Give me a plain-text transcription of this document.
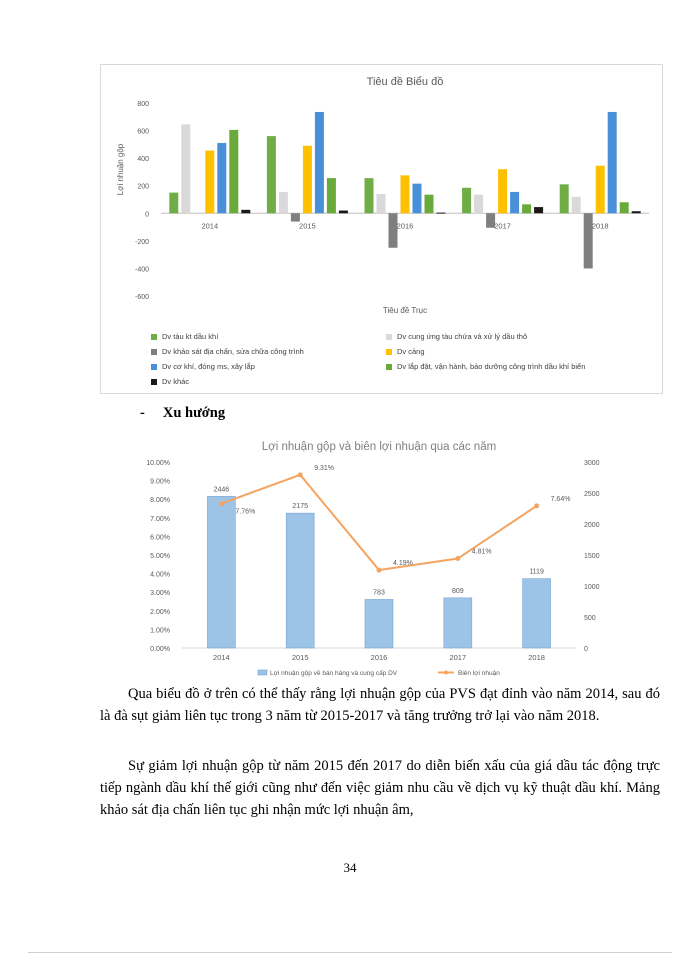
Tiêu đề Biểu đồ
800
600
400
200
0
-200
-400
-600
2014	2015	2016	2017	2018
Tiêu đề Trục
Lợi nhuận gộp
Dv tàu kt dầu khí	Dv cung ứng tàu chứa và xử lý dầu thô
Dv khảo sát địa chấn, sửa chữa công trình	Dv cảng
Dv cơ khí, đóng ms, xây lắp	Dv lắp đặt, vận hành, bảo dưỡng công trình dầu khí biển
Dv khác
- Xu hướng
Lợi nhuận gộp và biên lợi nhuận qua các năm
10.00%
9.00%
8.00%
7.00%
6.00%
5.00%
4.00%
3.00%
2.00%
1.00%
0.00%
3000
2500
2000
1500
1000
500
0
2446
2014
2175
2015
783
2016
809
2017
1119
2018
7.76%
9.31%
4.19%
4.81%
7.64%
Lợi nhuận gộp về bán hàng và cung cấp DV	Biên lợi nhuận

Qua biểu đồ ở trên có thể thấy rằng lợi nhuận gộp của PVS đạt đỉnh vào năm 2014, sau đó là đà sụt giảm liên tục trong 3 năm từ 2015-2017 và tăng trưởng trở lại vào năm 2018.

Sự giảm lợi nhuận gộp từ năm 2015 đến 2017 do diễn biến xấu của giá dầu tác động trực tiếp ngành dầu khí thế giới cũng như đến việc giảm nhu cầu về dịch vụ kỹ thuật dầu khí. Mảng khảo sát địa chấn liên tục ghi nhận mức lợi nhuận âm,

34
